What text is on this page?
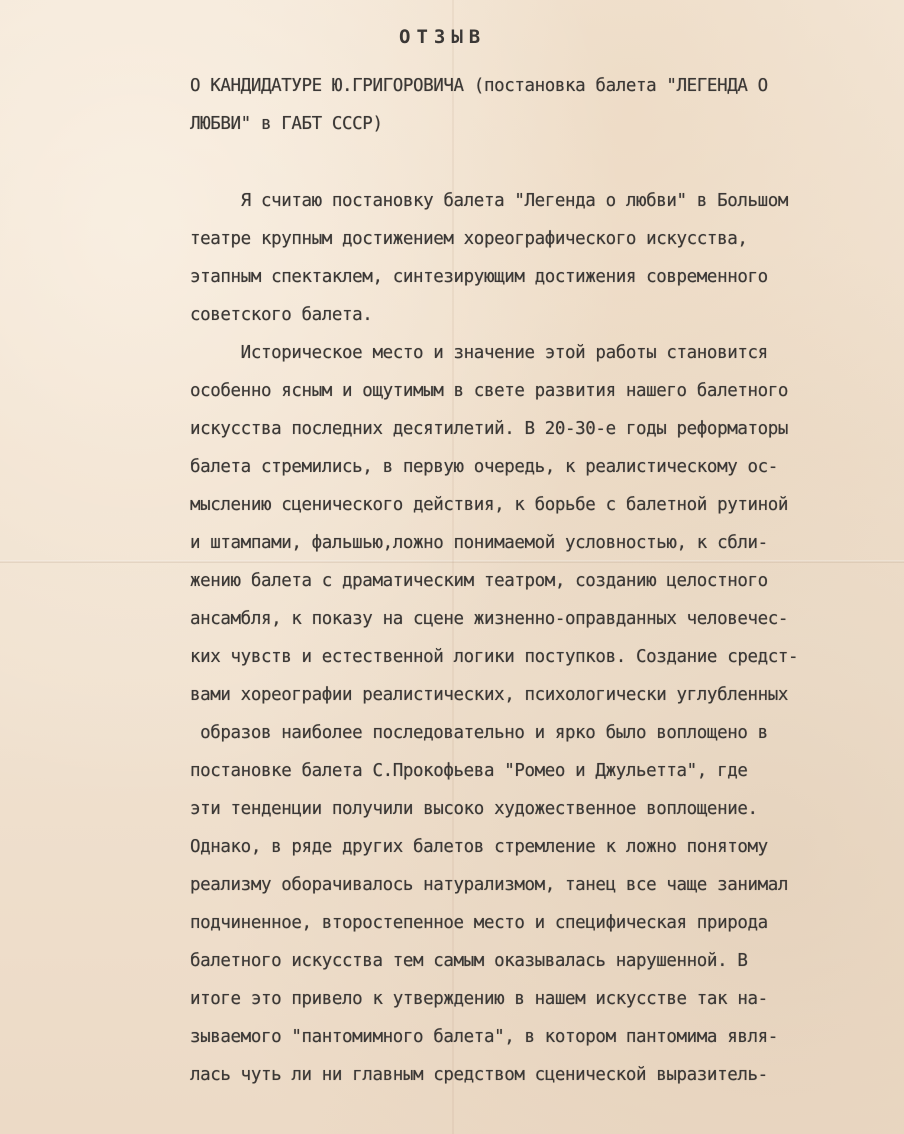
ОТЗЫВ
О КАНДИДАТУРЕ Ю.ГРИГОРОВИЧА (постановка балета "ЛЕГЕНДА О
ЛЮБВИ" в ГАБТ СССР)
Я считаю постановку балета "Легенда о любви" в Большом
театре крупным достижением хореографического искусства,
этапным спектаклем, синтезирующим достижения современного
советского балета.
Историческое место и значение этой работы становится
особенно ясным и ощутимым в свете развития нашего балетного
искусства последних десятилетий. В 20-30-е годы реформаторы
балета стремились, в первую очередь, к реалистическому ос-
мыслению сценического действия, к борьбе с балетной рутиной
и штампами, фальшью,ложно понимаемой условностью, к сбли-
жению балета с драматическим театром, созданию целостного
ансамбля, к показу на сцене жизненно-оправданных человечес-
ких чувств и естественной логики поступков. Создание средст-
вами хореографии реалистических, психологически углубленных
образов наиболее последовательно и ярко было воплощено в
постановке балета С.Прокофьева "Ромео и Джульетта", где
эти тенденции получили высоко художественное воплощение.
Однако, в ряде других балетов стремление к ложно понятому
реализму оборачивалось натурализмом, танец все чаще занимал
подчиненное, второстепенное место и специфическая природа
балетного искусства тем самым оказывалась нарушенной. В
итоге это привело к утверждению в нашем искусстве так на-
зываемого "пантомимного балета", в котором пантомима явля-
лась чуть ли ни главным средством сценической выразитель-
